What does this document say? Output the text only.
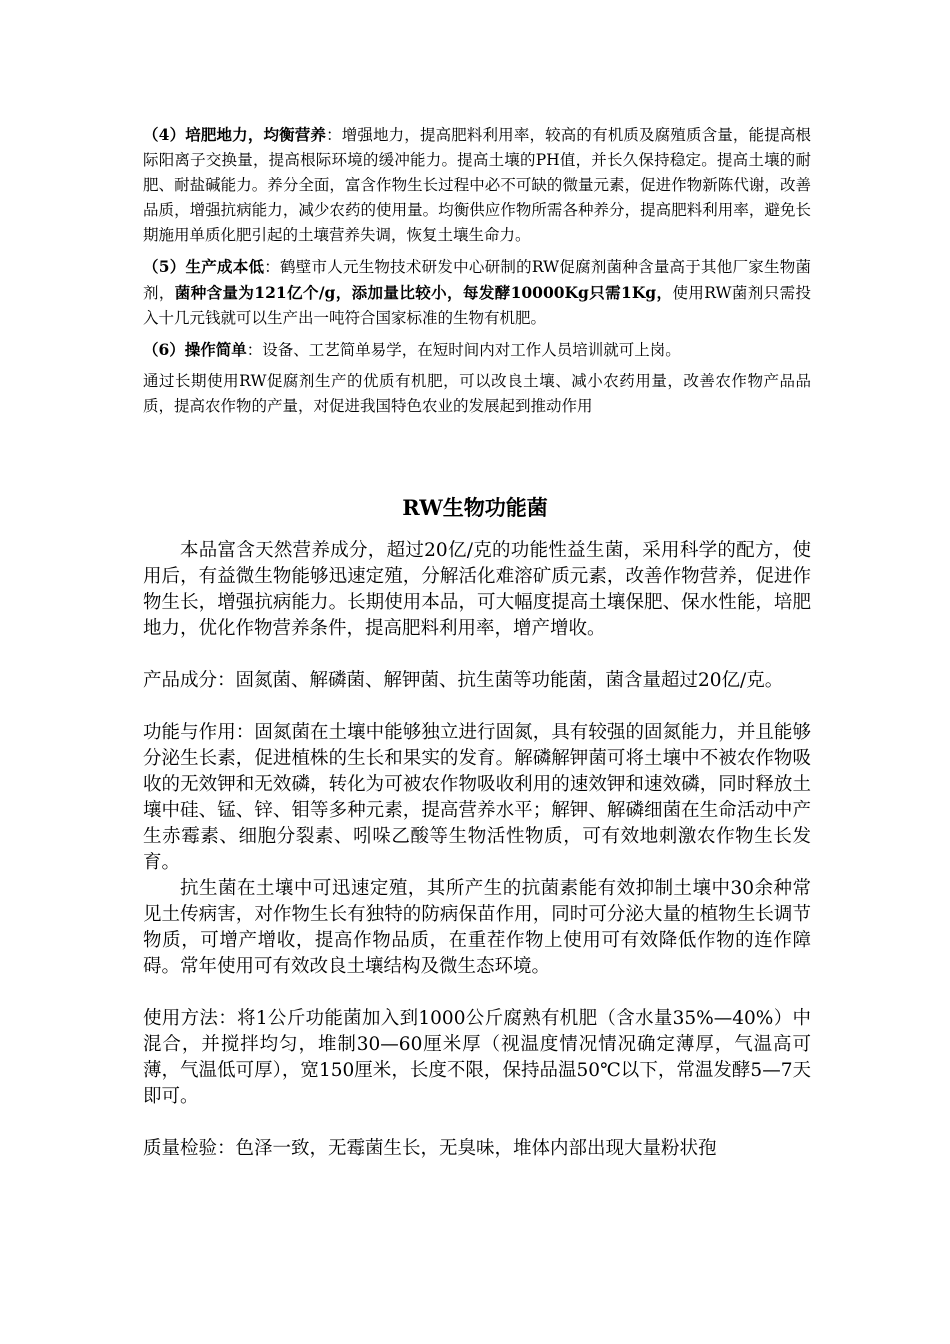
（4）培肥地力，均衡营养：增强地力，提高肥料利用率，较高的有机质及腐殖质含量，能提高根际阳离子交换量，提高根际环境的缓冲能力。提高土壤的PH值，并长久保持稳定。提高土壤的耐肥、耐盐碱能力。养分全面，富含作物生长过程中必不可缺的微量元素，促进作物新陈代谢，改善品质，增强抗病能力，减少农药的使用量。均衡供应作物所需各种养分，提高肥料利用率，避免长期施用单质化肥引起的土壤营养失调，恢复土壤生命力。

（5）生产成本低：鹤壁市人元生物技术研发中心研制的RW促腐剂菌种含量高于其他厂家生物菌剂，菌种含量为121亿个/g，添加量比较小，每发酵10000Kg只需1Kg，使用RW菌剂只需投入十几元钱就可以生产出一吨符合国家标准的生物有机肥。

（6）操作简单：设备、工艺简单易学，在短时间内对工作人员培训就可上岗。

通过长期使用RW促腐剂生产的优质有机肥，可以改良土壤、减小农药用量，改善农作物产品品质，提高农作物的产量，对促进我国特色农业的发展起到推动作用

RW生物功能菌

本品富含天然营养成分，超过20亿/克的功能性益生菌，采用科学的配方，使用后，有益微生物能够迅速定殖，分解活化难溶矿质元素，改善作物营养，促进作物生长，增强抗病能力。长期使用本品，可大幅度提高土壤保肥、保水性能，培肥地力，优化作物营养条件，提高肥料利用率，增产增收。

产品成分：固氮菌、解磷菌、解钾菌、抗生菌等功能菌，菌含量超过20亿/克。

功能与作用：固氮菌在土壤中能够独立进行固氮，具有较强的固氮能力，并且能够分泌生长素，促进植株的生长和果实的发育。解磷解钾菌可将土壤中不被农作物吸收的无效钾和无效磷，转化为可被农作物吸收利用的速效钾和速效磷，同时释放土壤中硅、锰、锌、钼等多种元素，提高营养水平；解钾、解磷细菌在生命活动中产生赤霉素、细胞分裂素、吲哚乙酸等生物活性物质，可有效地刺激农作物生长发育。

抗生菌在土壤中可迅速定殖，其所产生的抗菌素能有效抑制土壤中30余种常见土传病害，对作物生长有独特的防病保苗作用，同时可分泌大量的植物生长调节物质，可增产增收，提高作物品质，在重茬作物上使用可有效降低作物的连作障碍。常年使用可有效改良土壤结构及微生态环境。

使用方法：将1公斤功能菌加入到1000公斤腐熟有机肥（含水量35%—40%）中混合，并搅拌均匀，堆制30—60厘米厚（视温度情况情况确定薄厚，气温高可薄，气温低可厚），宽150厘米，长度不限，保持品温50℃以下，常温发酵5—7天即可。

质量检验：色泽一致，无霉菌生长，无臭味，堆体内部出现大量粉状孢
